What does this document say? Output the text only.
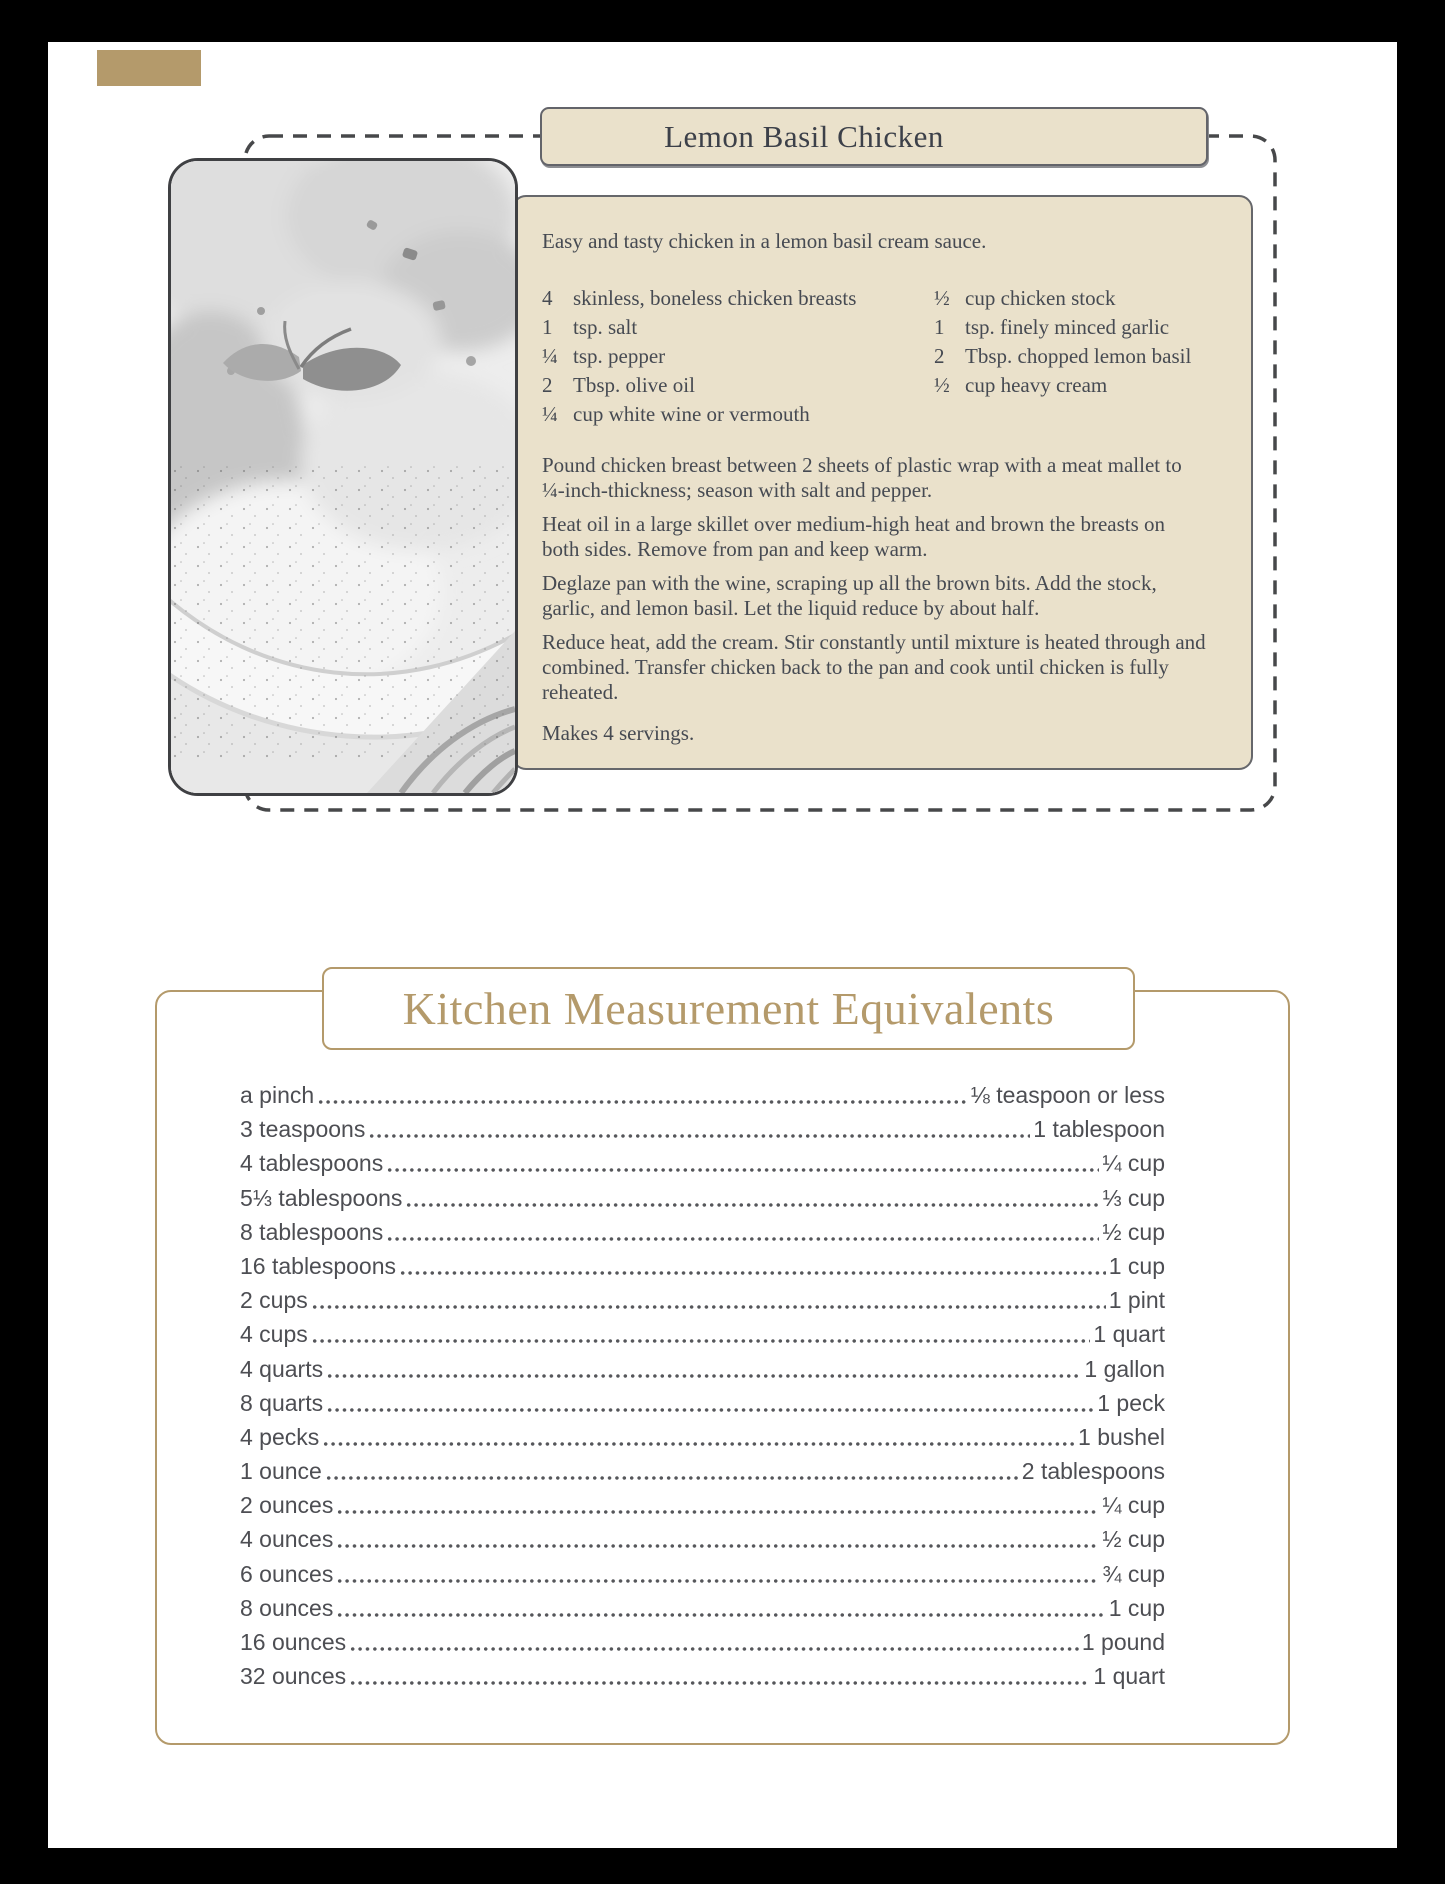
Lemon Basil Chicken

Easy and tasty chicken in a lemon basil cream sauce.

4 skinless, boneless chicken breasts
1 tsp. salt
¼ tsp. pepper
2 Tbsp. olive oil
¼ cup white wine or vermouth
½ cup chicken stock
1 tsp. finely minced garlic
2 Tbsp. chopped lemon basil
½ cup heavy cream

Pound chicken breast between 2 sheets of plastic wrap with a meat mallet to ¼-inch-thickness; season with salt and pepper.

Heat oil in a large skillet over medium-high heat and brown the breasts on both sides. Remove from pan and keep warm.

Deglaze pan with the wine, scraping up all the brown bits. Add the stock, garlic, and lemon basil. Let the liquid reduce by about half.

Reduce heat, add the cream. Stir constantly until mixture is heated through and combined. Transfer chicken back to the pan and cook until chicken is fully reheated.

Makes 4 servings.

Kitchen Measurement Equivalents
a pinch	⅛ teaspoon or less
3 teaspoons	1 tablespoon
4 tablespoons	¼ cup
5⅓ tablespoons	⅓ cup
8 tablespoons	½ cup
16 tablespoons	1 cup
2 cups	1 pint
4 cups	1 quart
4 quarts	1 gallon
8 quarts	1 peck
4 pecks	1 bushel
1 ounce	2 tablespoons
2 ounces	¼ cup
4 ounces	½ cup
6 ounces	¾ cup
8 ounces	1 cup
16 ounces	1 pound
32 ounces	1 quart
